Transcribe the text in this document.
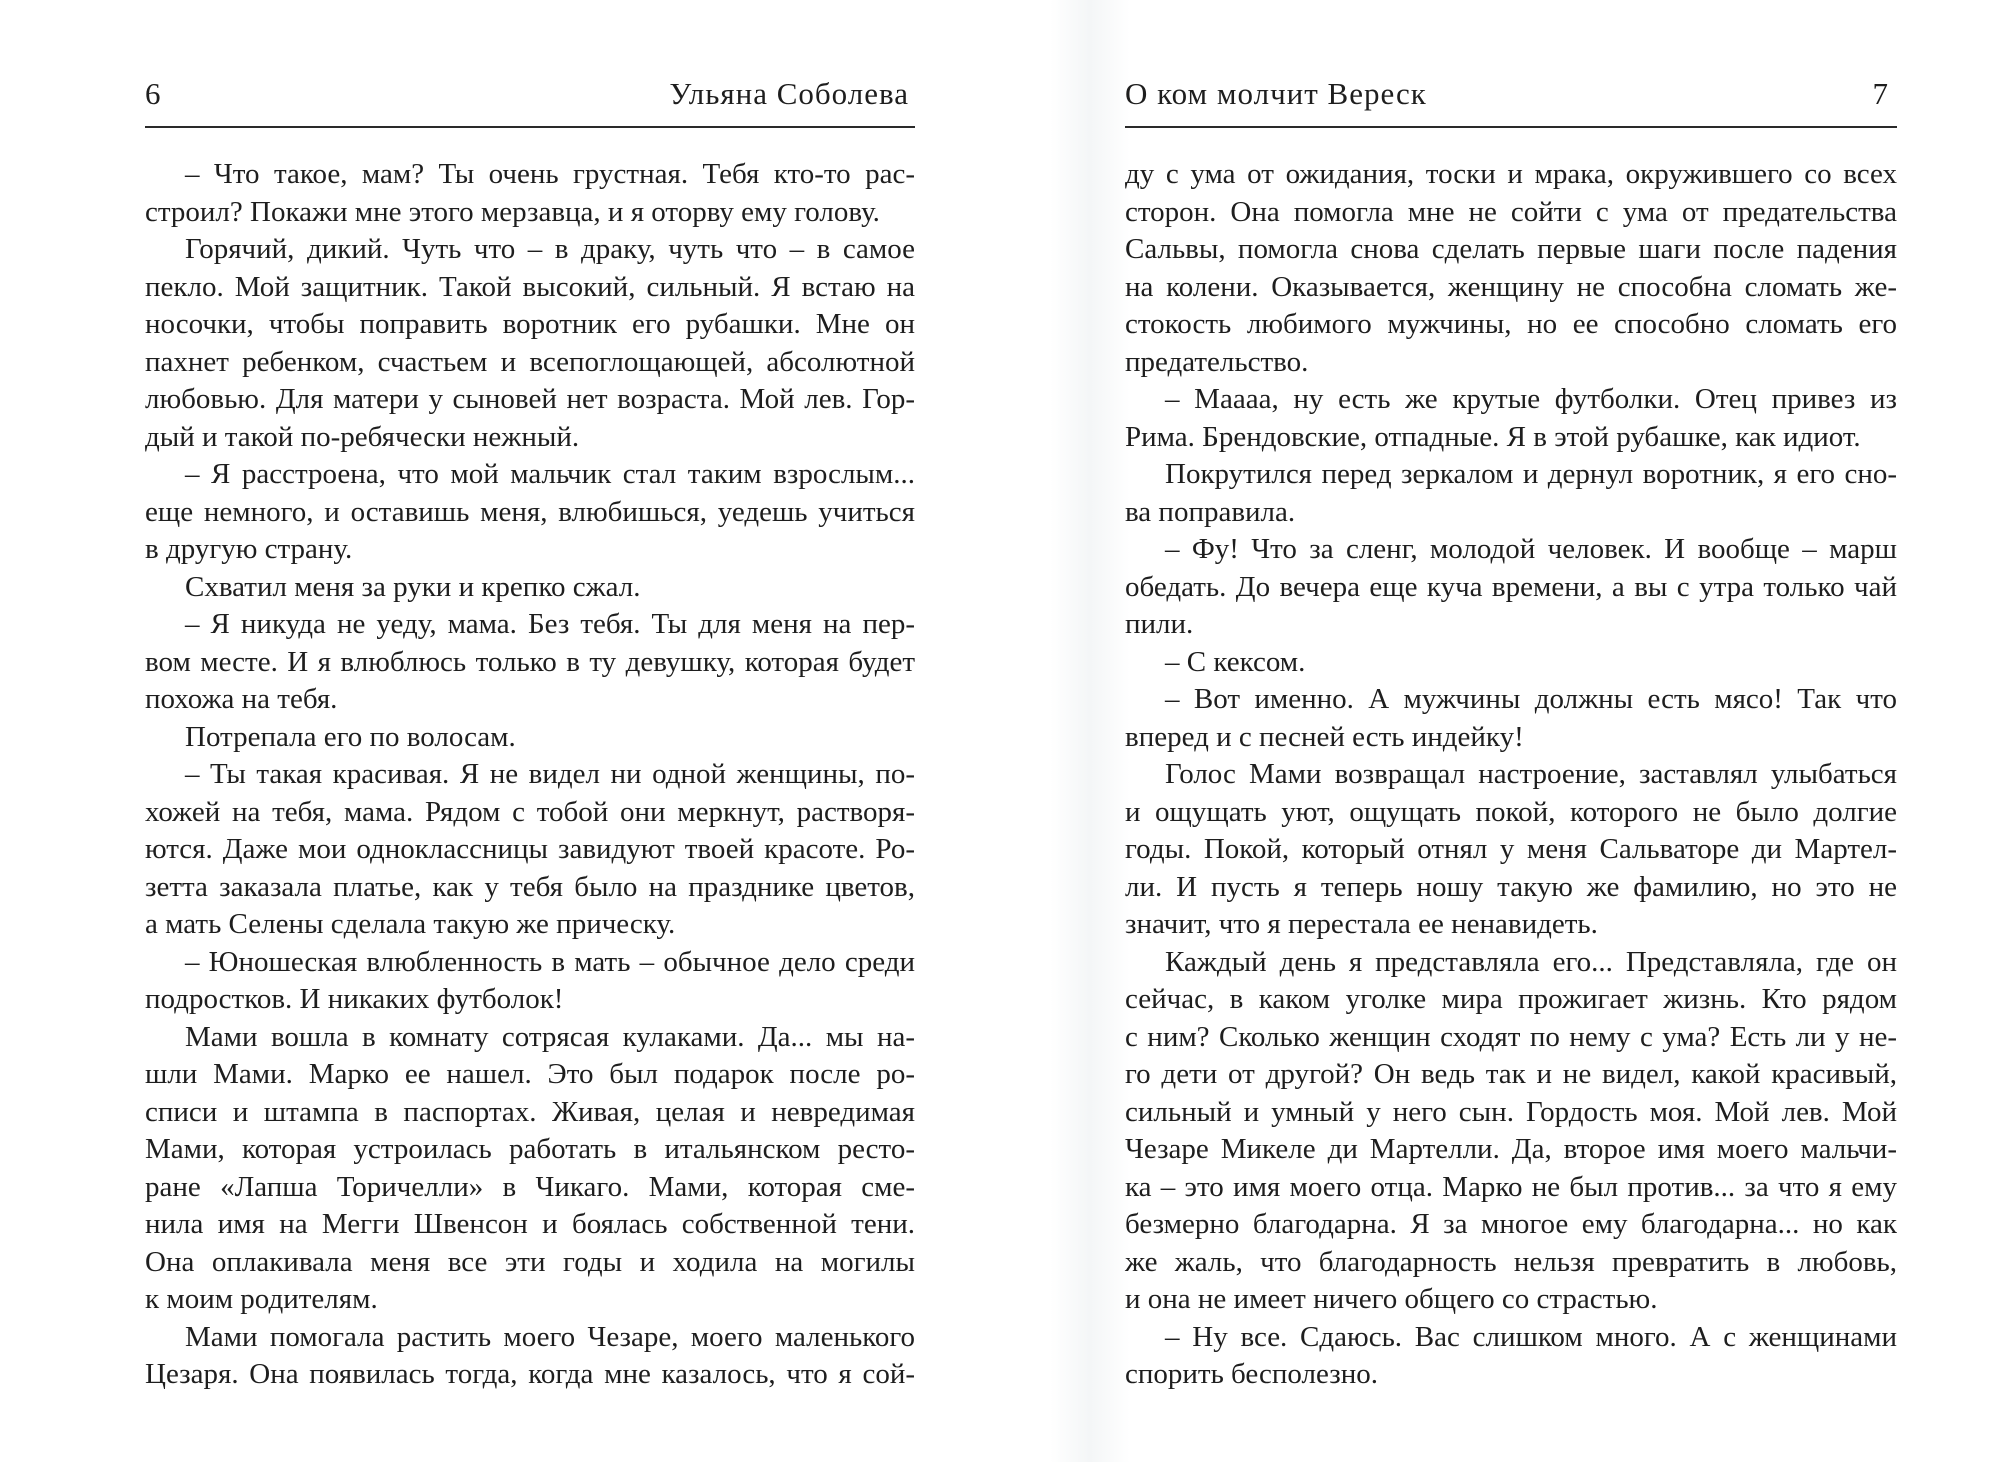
6	Ульяна Соболева
– Что такое, мам? Ты очень грустная. Тебя кто-то рас-
строил? Покажи мне этого мерзавца, и я оторву ему голову.
Горячий, дикий. Чуть что – в драку, чуть что – в самое
пекло. Мой защитник. Такой высокий, сильный. Я встаю на
носочки, чтобы поправить воротник его рубашки. Мне он
пахнет ребенком, счастьем и всепоглощающей, абсолютной
любовью. Для матери у сыновей нет возраста. Мой лев. Гор-
дый и такой по-ребячески нежный.
– Я расстроена, что мой мальчик стал таким взрослым...
еще немного, и оставишь меня, влюбишься, уедешь учиться
в другую страну.
Схватил меня за руки и крепко сжал.
– Я никуда не уеду, мама. Без тебя. Ты для меня на пер-
вом месте. И я влюблюсь только в ту девушку, которая будет
похожа на тебя.
Потрепала его по волосам.
– Ты такая красивая. Я не видел ни одной женщины, по-
хожей на тебя, мама. Рядом с тобой они меркнут, растворя-
ются. Даже мои одноклассницы завидуют твоей красоте. Ро-
зетта заказала платье, как у тебя было на празднике цветов,
а мать Селены сделала такую же прическу.
– Юношеская влюбленность в мать – обычное дело среди
подростков. И никаких футболок!
Мами вошла в комнату сотрясая кулаками. Да... мы на-
шли Мами. Марко ее нашел. Это был подарок после ро-
списи и штампа в паспортах. Живая, целая и невредимая
Мами, которая устроилась работать в итальянском ресто-
ране «Лапша Торичелли» в Чикаго. Мами, которая сме-
нила имя на Мегги Швенсон и боялась собственной тени.
Она оплакивала меня все эти годы и ходила на могилы
к моим родителям.
Мами помогала растить моего Чезаре, моего маленького
Цезаря. Она появилась тогда, когда мне казалось, что я сой-
О ком молчит Вереск	7
ду с ума от ожидания, тоски и мрака, окружившего со всех
сторон. Она помогла мне не сойти с ума от предательства
Сальвы, помогла снова сделать первые шаги после падения
на колени. Оказывается, женщину не способна сломать же-
стокость любимого мужчины, но ее способно сломать его
предательство.
– Маааа, ну есть же крутые футболки. Отец привез из
Рима. Брендовские, отпадные. Я в этой рубашке, как идиот.
Покрутился перед зеркалом и дернул воротник, я его сно-
ва поправила.
– Фу! Что за сленг, молодой человек. И вообще – марш
обедать. До вечера еще куча времени, а вы с утра только чай
пили.
– С кексом.
– Вот именно. А мужчины должны есть мясо! Так что
вперед и с песней есть индейку!
Голос Мами возвращал настроение, заставлял улыбаться
и ощущать уют, ощущать покой, которого не было долгие
годы. Покой, который отнял у меня Сальваторе ди Мартел-
ли. И пусть я теперь ношу такую же фамилию, но это не
значит, что я перестала ее ненавидеть.
Каждый день я представляла его... Представляла, где он
сейчас, в каком уголке мира прожигает жизнь. Кто рядом
с ним? Сколько женщин сходят по нему с ума? Есть ли у не-
го дети от другой? Он ведь так и не видел, какой красивый,
сильный и умный у него сын. Гордость моя. Мой лев. Мой
Чезаре Микеле ди Мартелли. Да, второе имя моего мальчи-
ка – это имя моего отца. Марко не был против... за что я ему
безмерно благодарна. Я за многое ему благодарна... но как
же жаль, что благодарность нельзя превратить в любовь,
и она не имеет ничего общего со страстью.
– Ну все. Сдаюсь. Вас слишком много. А с женщинами
спорить бесполезно.
